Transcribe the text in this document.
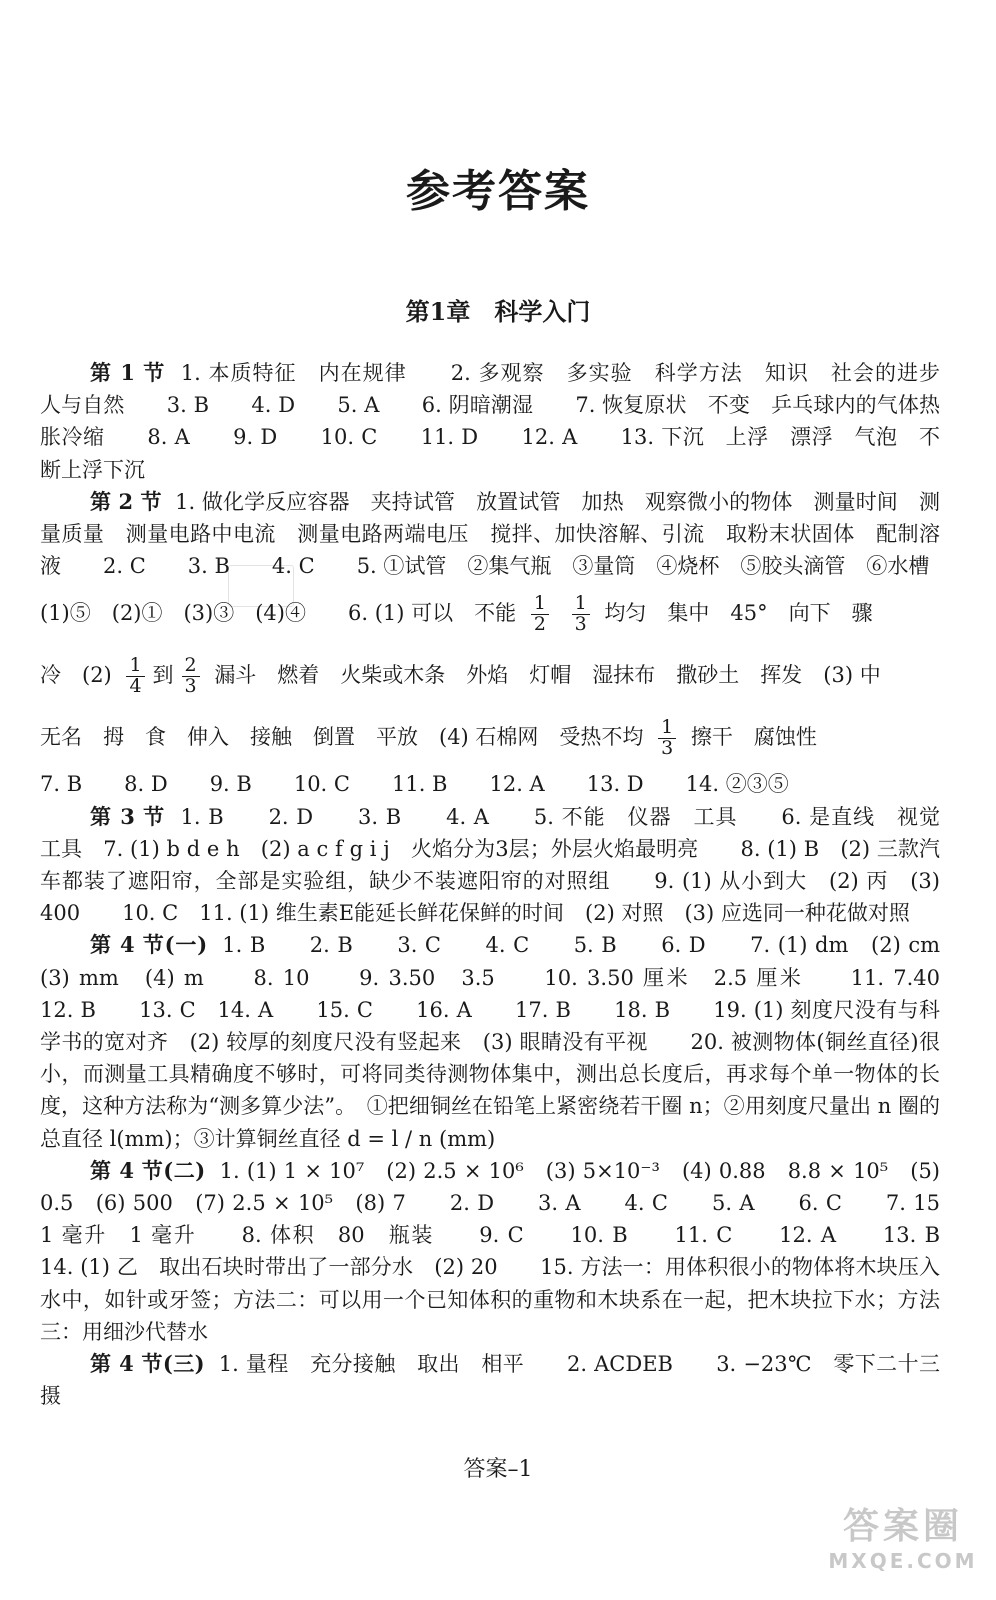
参考答案
第1章　科学入门

第 1 节 1. 本质特征　内在规律　　2. 多观察　多实验　科学方法　知识　社会的进步　人与自然　　3. B　　4. D　　5. A　　6. 阴暗潮湿　　7. 恢复原状　不变　乒乓球内的气体热胀冷缩　　8. A　　9. D　　10. C　　11. D　　12. A　　13. 下沉　上浮　漂浮　气泡　不断上浮下沉

第 2 节 1. 做化学反应容器　夹持试管　放置试管　加热　观察微小的物体　测量时间　测量质量　测量电路中电流　测量电路两端电压　搅拌、加快溶解、引流　取粉末状固体　配制溶液　　2. C　　3. B　　4. C　　5. ①试管　②集气瓶　③量筒　④烧杯　⑤胶头滴管　⑥水槽

(1)⑤　(2)①　(3)③　(4)④　　6. (1) 可以　不能 $\frac{1}{2}$
$\frac{1}{3}$ 均匀　集中　45°　向下　骤
冷　$(2) \frac{1}{4}$ 到 $\frac{2}{3}$ 漏斗　燃着　火柴或木条　外焰　灯帽　湿抹布　撒砂土　挥发　(3) 中
无名　拇　食　伸入　接触　倒置　平放　(4) 石棉网　受热不均 $\frac{1}{3}$ 擦干　腐蚀性

7. B　　8. D　　9. B　　10. C　　11. B　　12. A　　13. D　　14. ②③⑤

第 3 节 1. B　　2. D　　3. B　　4. A　　5. 不能　仪器　工具　　6. 是直线　视觉　工具　7. (1) b d e h　(2) a c f g i j　火焰分为3层；外层火焰最明亮　　8. (1) B　(2) 三款汽车都装了遮阳帘，全部是实验组，缺少不装遮阳帘的对照组　　9. (1) 从小到大　(2) 丙　(3) 400　　10. C　11. (1) 维生素E能延长鲜花保鲜的时间　(2) 对照　(3) 应选同一种花做对照

第 4 节(一) 1. B　　2. B　　3. C　　4. C　　5. B　　6. D　　7. (1) dm　(2) cm　(3) mm　(4) m　　8. 10　　9. 3.50　3.5　　10. 3.50 厘米　2.5 厘米　　11. 7.40　　12. B　　13. C　14. A　　15. C　　16. A　　17. B　　18. B　　19. (1) 刻度尺没有与科学书的宽对齐　(2) 较厚的刻度尺没有竖起来　(3) 眼睛没有平视　　20. 被测物体(铜丝直径)很小，而测量工具精确度不够时，可将同类待测物体集中，测出总长度后，再求每个单一物体的长度，这种方法称为“测多算少法”。　①把细铜丝在铅笔上紧密绕若干圈 n；②用刻度尺量出 n 圈的总直径 l(mm)；③计算铜丝直径 d = l / n (mm)

第 4 节(二) 1. (1) 1 × 10⁷　(2) 2.5 × 10⁶　(3) 5×10⁻³　(4) 0.88　8.8 × 10⁵　(5) 0.5　(6) 500　(7) 2.5 × 10⁵　(8) 7　　2. D　　3. A　　4. C　　5. A　　6. C　　7. 15　1 毫升　1 毫升　　8. 体积　80　瓶装　　9. C　　10. B　　11. C　　12. A　　13. B　　14. (1) 乙　取出石块时带出了一部分水　(2) 20　　15. 方法一：用体积很小的物体将木块压入水中，如针或牙签；方法二：可以用一个已知体积的重物和木块系在一起，把木块拉下水；方法三：用细沙代替水

第 4 节(三) 1. 量程　充分接触　取出　相平　　2. ACDEB　　3. −23℃　零下二十三摄

答案–1
答案圈
MXQE.COM
